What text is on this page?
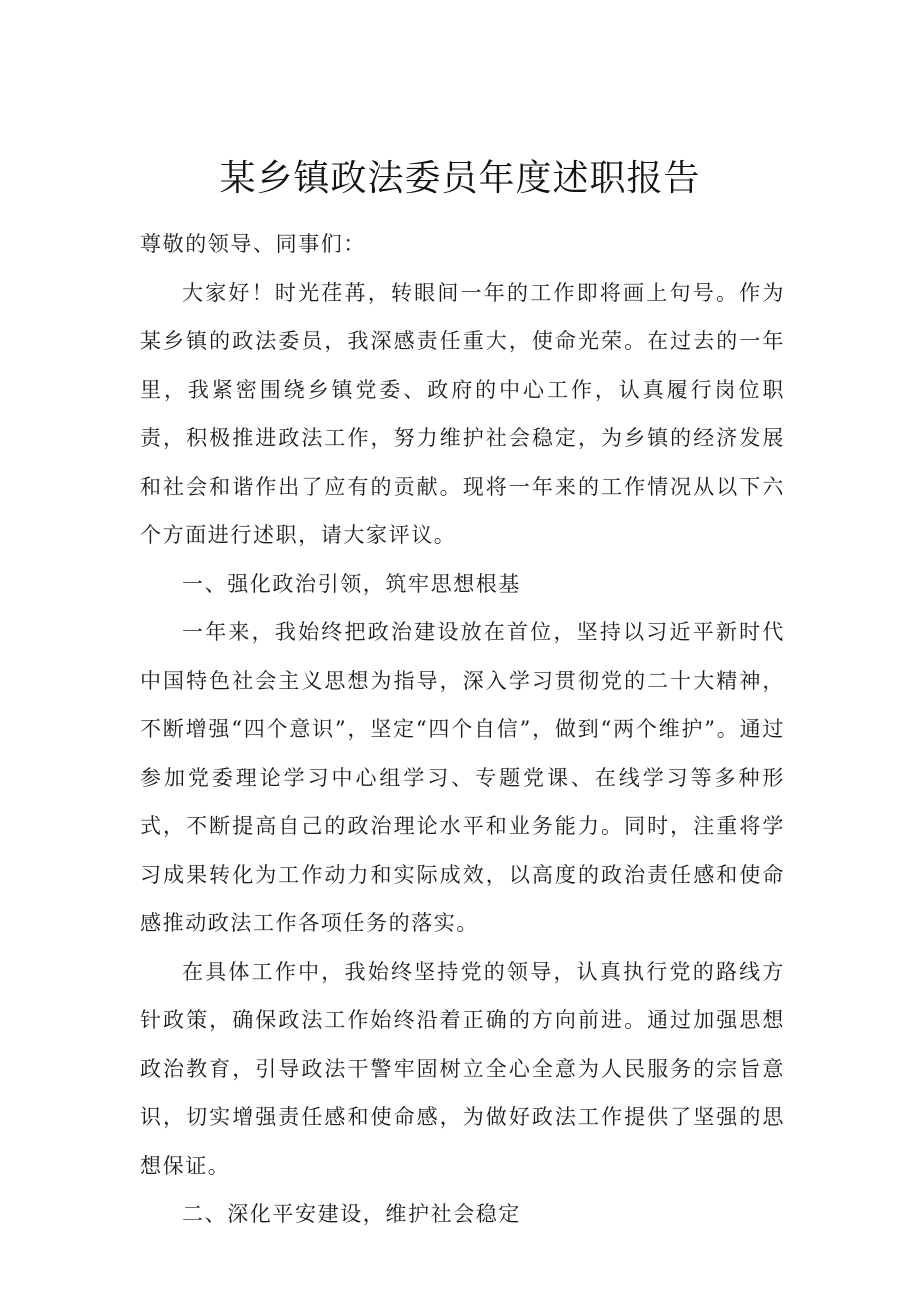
某乡镇政法委员年度述职报告

尊敬的领导、同事们：

大家好！时光荏苒，转眼间一年的工作即将画上句号。作为某乡镇的政法委员，我深感责任重大，使命光荣。在过去的一年里，我紧密围绕乡镇党委、政府的中心工作，认真履行岗位职责，积极推进政法工作，努力维护社会稳定，为乡镇的经济发展和社会和谐作出了应有的贡献。现将一年来的工作情况从以下六个方面进行述职，请大家评议。

一、强化政治引领，筑牢思想根基

一年来，我始终把政治建设放在首位，坚持以习近平新时代中国特色社会主义思想为指导，深入学习贯彻党的二十大精神，不断增强“四个意识”，坚定“四个自信”，做到“两个维护”。通过参加党委理论学习中心组学习、专题党课、在线学习等多种形式，不断提高自己的政治理论水平和业务能力。同时，注重将学习成果转化为工作动力和实际成效，以高度的政治责任感和使命感推动政法工作各项任务的落实。

在具体工作中，我始终坚持党的领导，认真执行党的路线方针政策，确保政法工作始终沿着正确的方向前进。通过加强思想政治教育，引导政法干警牢固树立全心全意为人民服务的宗旨意识，切实增强责任感和使命感，为做好政法工作提供了坚强的思想保证。

二、深化平安建设，维护社会稳定
